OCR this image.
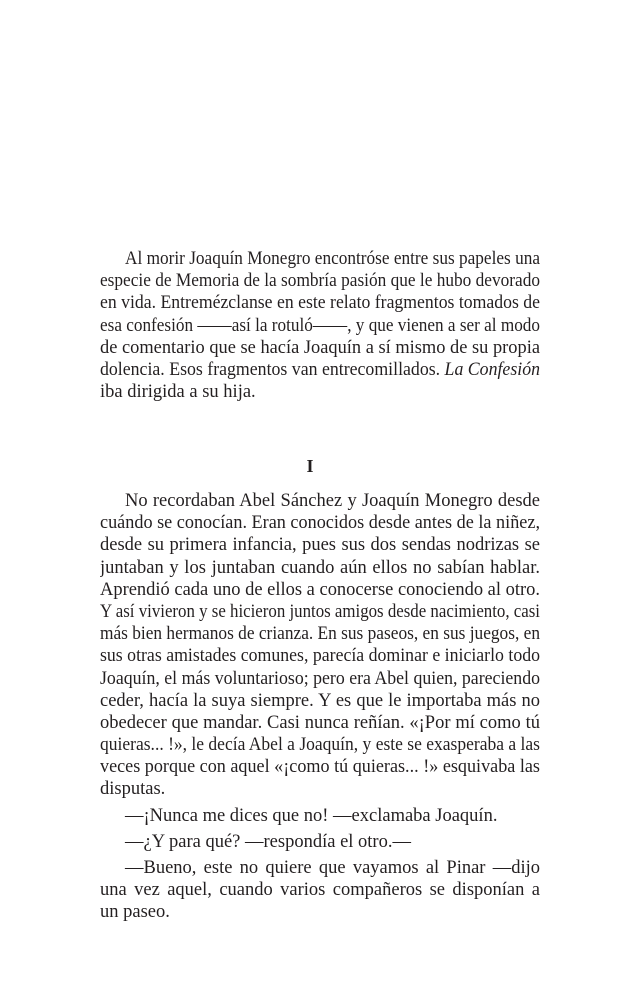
Al morir Joaquín Monegro encontróse entre sus papeles una
especie de Memoria de la sombría pasión que le hubo devorado
en vida. Entremézclanse en este relato fragmentos tomados de
esa confesión ——así la rotuló——, y que vienen a ser al modo
de comentario que se hacía Joaquín a sí mismo de su propia
dolencia. Esos fragmentos van entrecomillados. La Confesión
iba dirigida a su hija.
I
No recordaban Abel Sánchez y Joaquín Monegro desde
cuándo se conocían. Eran conocidos desde antes de la niñez,
desde su primera infancia, pues sus dos sendas nodrizas se
juntaban y los juntaban cuando aún ellos no sabían hablar.
Aprendió cada uno de ellos a conocerse conociendo al otro.
Y así vivieron y se hicieron juntos amigos desde nacimiento, casi
más bien hermanos de crianza. En sus paseos, en sus juegos, en
sus otras amistades comunes, parecía dominar e iniciarlo todo
Joaquín, el más voluntarioso; pero era Abel quien, pareciendo
ceder, hacía la suya siempre. Y es que le importaba más no
obedecer que mandar. Casi nunca reñían. «¡Por mí como tú
quieras... !», le decía Abel a Joaquín, y este se exasperaba a las
veces porque con aquel «¡como tú quieras... !» esquivaba las
disputas.
—¡Nunca me dices que no! —exclamaba Joaquín.
—¿Y para qué? —respondía el otro.—
—Bueno, este no quiere que vayamos al Pinar —dijo
una vez aquel, cuando varios compañeros se disponían a
un paseo.
